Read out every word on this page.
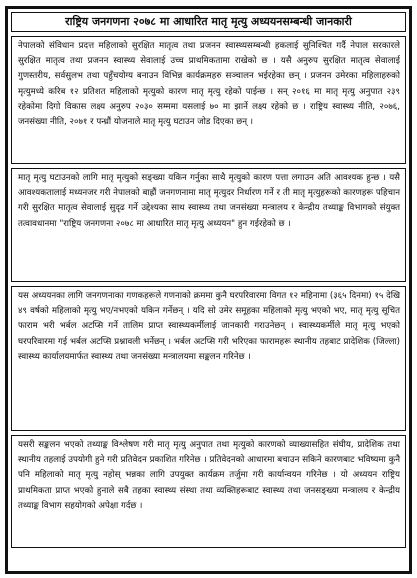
राष्ट्रिय जनगणना २०७८ मा आधारित मातृ मृत्यु अध्ययनसम्बन्धी जानकारी
नेपालको संविधान प्रदत्त महिलाको सुरक्षित मातृत्व तथा प्रजनन स्वास्थ्यसम्बन्धी हकलाई सुनिश्चित गर्दै नेपाल सरकारले सुरक्षित मातृत्व तथा प्रजनन स्वास्थ्य सेवालाई उच्च प्राथमिकतामा राखेको छ । यसै अनुरुप सुरक्षित मातृत्व सेवालाई गुणस्तरीय, सर्वसुलभ तथा पहुँचयोग्य बनाउन विभिन्न कार्यक्रमहरु सञ्चालन भईरहेका छन् । प्रजनन उमेरका महिलाहरुको मृत्युमध्ये करिब १२ प्रतिशत महिलाको मृत्युको कारण मातृ मृत्यु रहेको पाईन्छ । सन् २०१६ मा मातृ मृत्यु अनुपात २३९ रहेकोमा दिगो विकास लक्ष्य अनुरुप २०३० सम्ममा यसलाई ७० मा झार्ने लक्ष्य रहेको छ । राष्ट्रिय स्वास्थ्य नीति, २०७६, जनसंख्या नीति, २०७१ र पन्ध्रौं योजनाले मातृ मृत्यु घटाउन जोड दिएका छन् ।
मातृ मृत्यु घटाउनको लागि मातृ मृत्युको सङ्ख्या यकिन गर्नुका साथै मृत्युको कारण पत्ता लगाउन अति आवश्यक हुन्छ । यसै आवश्यकतालाई मध्यनजर गरी नेपालको बाह्रौं जनगणनामा मातृ मृत्युदर निर्धारण गर्ने र ती मातृ मृत्युहरूको कारणहरू पहिचान गरी सुरक्षित मातृत्व सेवालाई सुदृढ गर्ने उद्देश्यका साथ स्वास्थ्य तथा जनसंख्या मन्त्रालय र केन्द्रीय तथ्याङ्क विभागको संयुक्त तत्वावधानमा "राष्ट्रिय जनगणना २०७८ मा आधारित मातृ मृत्यु अध्ययन" हुन गईरहेको छ ।
यस अध्ययनका लागि जनगणनाका गणकहरूले गणनाको क्रममा कुनै घरपरिवारमा विगत १२ महिनामा (३६५ दिनमा) १५ देखि ४९ वर्षको महिलाको मृत्यु भए/नभएको यकिन गर्नेछन् । यदि सो उमेर समूहका महिलाको मृत्यु भएको भए, मातृ मृत्यु सूचित फाराम भरी भर्बल अटप्सि गर्ने तालिम प्राप्त स्वास्थ्यकर्मीलाई जानकारी गराउनेछन् । स्वास्थ्यकर्मीले मातृ मृत्यु भएको घरपरिवारमा गई भर्बल अटप्सि प्रश्नावली भर्नेछन् । भर्बल अटप्सि गरी भरिएका फारामहरू स्थानीय तहबाट प्रादेशिक (जिल्ला) स्वास्थ्य कार्यालयमार्फत स्वास्थ्य तथा जनसंख्या मन्त्रालयमा सङ्कलन गरिनेछ ।
यसरी सङ्कलन भएको तथ्याङ्क विश्लेषण गरी मातृ मृत्यु अनुपात तथा मृत्युको कारणको व्याख्यासहित संघीय, प्रादेशिक तथा स्थानीय तहलाई उपयोगी हुने गरी प्रतिवेदन प्रकाशित गरिनेछ । प्रतिवेदनको आधारमा बचाउन सकिने कारणबाट भविष्यमा कुनै पनि महिलाको मातृ मृत्यु नहोस् भन्नका लागि उपयुक्त कार्यक्रम तर्जुमा गरी कार्यान्वयन गरिनेछ । यो अध्ययन राष्ट्रिय प्राथमिकता प्राप्त भएको हुनाले सबै तहका स्वास्थ्य संस्था तथा व्यक्तिहरूबाट स्वास्थ्य तथा जनसङ्ख्या मन्त्रालय र केन्द्रीय तथ्याङ्क विभाग सहयोगको अपेक्षा गर्दछ ।
